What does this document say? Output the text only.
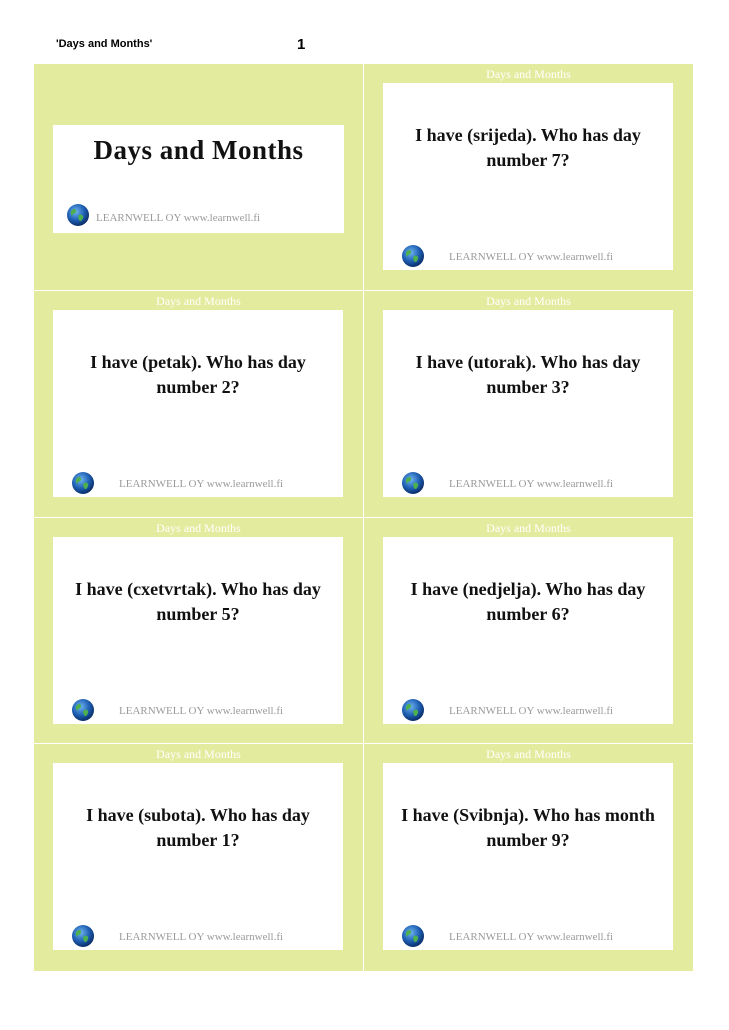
'Days and Months'	1
Days and Months
LEARNWELL OY www.learnwell.fi
Days and Months
I have (srijeda). Who has day number 7?
LEARNWELL OY www.learnwell.fi
Days and Months
I have (petak). Who has day number 2?
LEARNWELL OY www.learnwell.fi
Days and Months
I have (utorak). Who has day number 3?
LEARNWELL OY www.learnwell.fi
Days and Months
I have (cxetvrtak). Who has day number 5?
LEARNWELL OY www.learnwell.fi
Days and Months
I have (nedjelja). Who has day number 6?
LEARNWELL OY www.learnwell.fi
Days and Months
I have (subota). Who has day number 1?
LEARNWELL OY www.learnwell.fi
Days and Months
I have (Svibnja). Who has month number 9?
LEARNWELL OY www.learnwell.fi
